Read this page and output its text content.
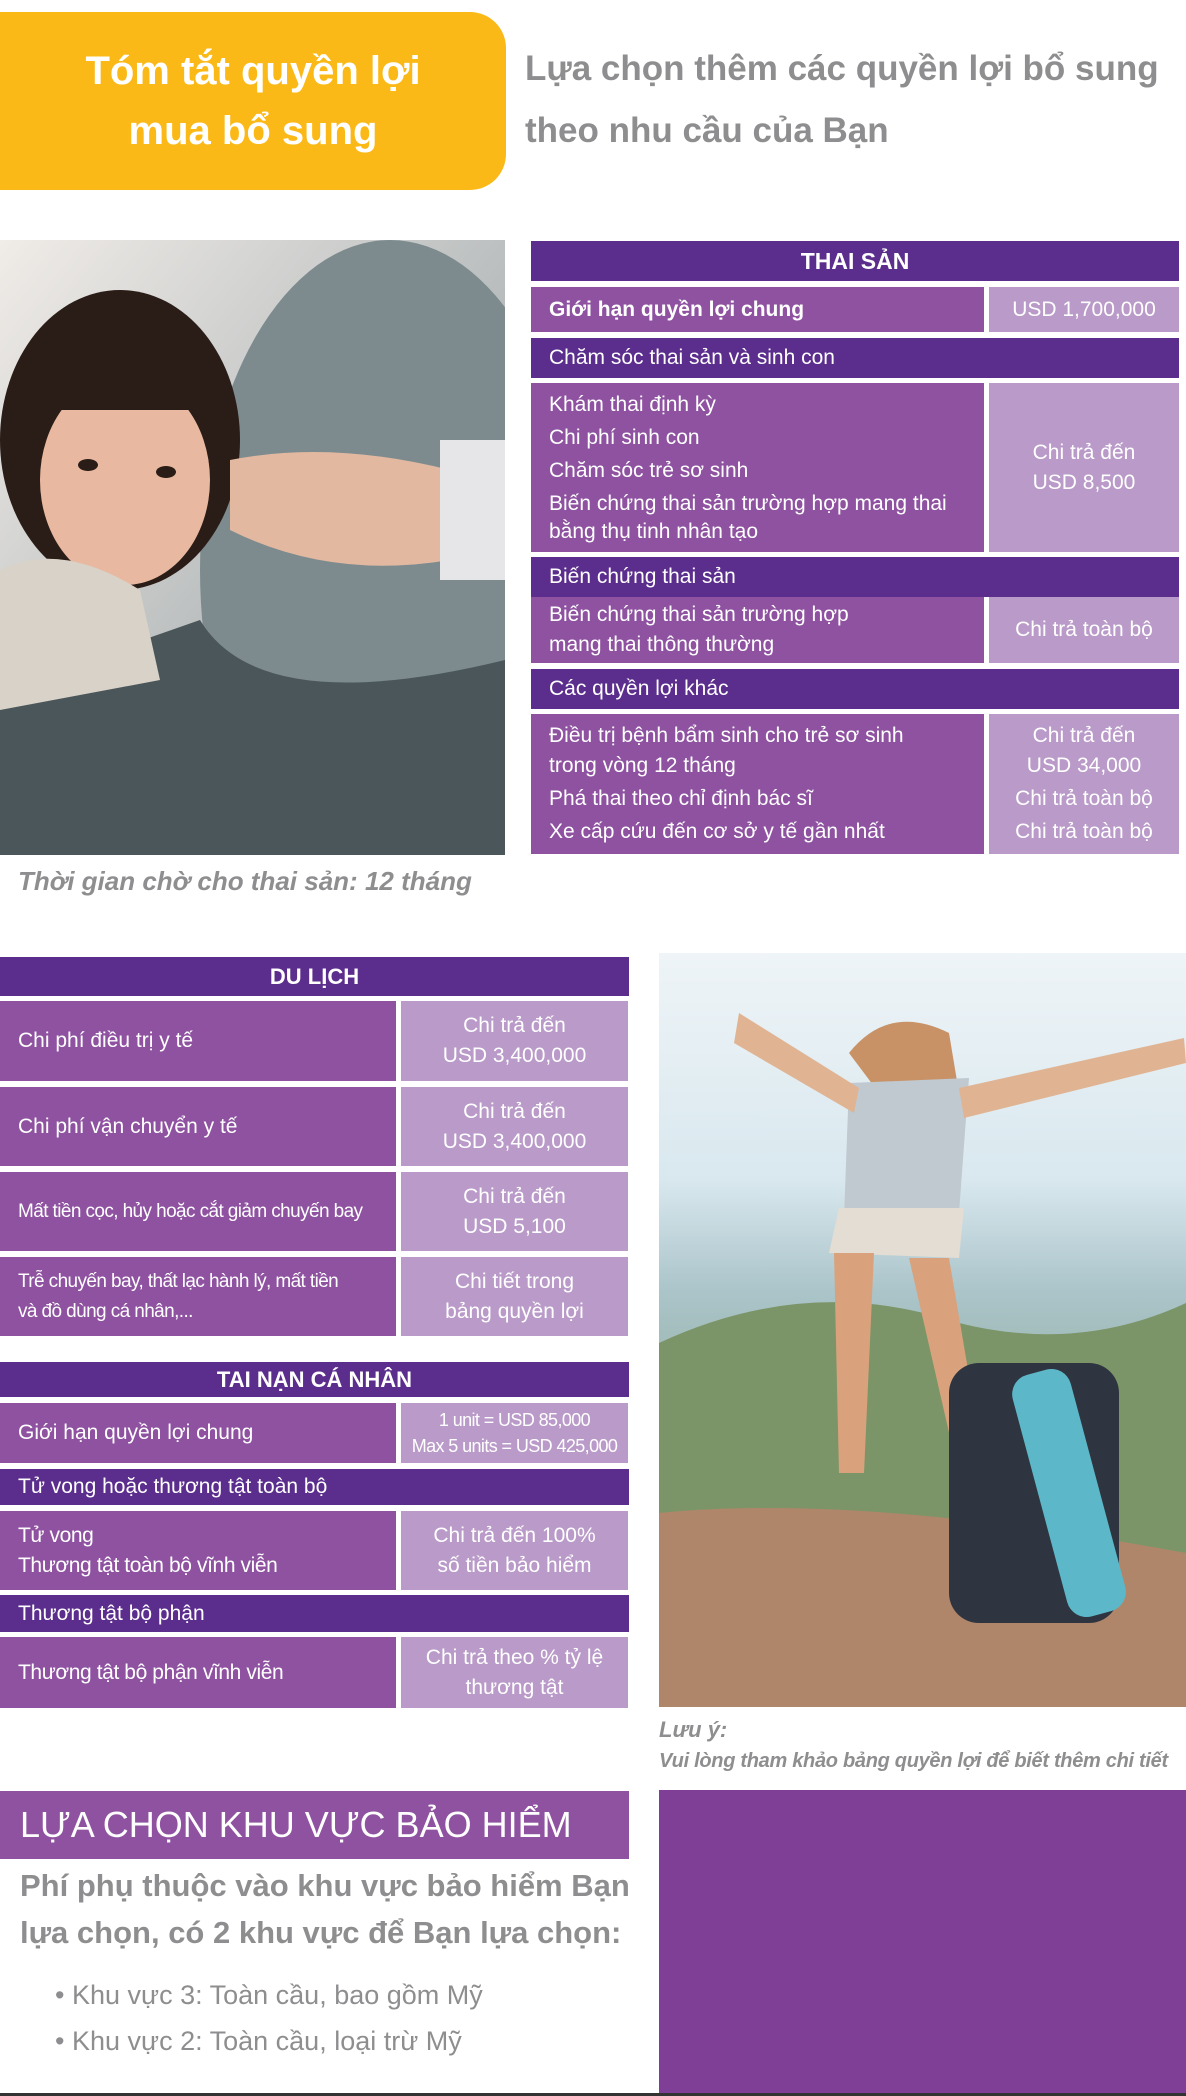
Tóm tắt quyền lợi
mua bổ sung
Lựa chọn thêm các quyền lợi bổ sung
theo nhu cầu của Bạn
THAI SẢN
Giới hạn quyền lợi chung	USD 1,700,000
Chăm sóc thai sản và sinh con
Khám thai định kỳ
Chi phí sinh con
Chăm sóc trẻ sơ sinh
Biến chứng thai sản trường hợp mang thai
bằng thụ tinh nhân tạo
Chi trả đến
USD 8,500
Biến chứng thai sản
Biến chứng thai sản trường hợp
mang thai thông thường
Chi trả toàn bộ
Các quyền lợi khác
Điều trị bệnh bẩm sinh cho trẻ sơ sinh
trong vòng 12 tháng
Phá thai theo chỉ định bác sĩ
Xe cấp cứu đến cơ sở y tế gần nhất
Chi trả đến
USD 34,000
Chi trả toàn bộ
Chi trả toàn bộ
Thời gian chờ cho thai sản: 12 tháng
DU LỊCH
Chi phí điều trị y tế
Chi trả đến
USD 3,400,000
Chi phí vận chuyển y tế
Chi trả đến
USD 3,400,000
Mất tiền cọc, hủy hoặc cắt giảm chuyến bay
Chi trả đến
USD 5,100
Trễ chuyến bay, thất lạc hành lý, mất tiền
và đồ dùng cá nhân,...
Chi tiết trong
bảng quyền lợi
TAI NẠN CÁ NHÂN
Giới hạn quyền lợi chung
1 unit = USD 85,000
Max 5 units = USD 425,000
Tử vong hoặc thương tật toàn bộ
Tử vong
Thương tật toàn bộ vĩnh viễn
Chi trả đến 100%
số tiền bảo hiểm
Thương tật bộ phận
Thương tật bộ phận vĩnh viễn
Chi trả theo % tỷ lệ
thương tật
Lưu ý:
Vui lòng tham khảo bảng quyền lợi để biết thêm chi tiết
LỰA CHỌN KHU VỰC BẢO HIỂM
Phí phụ thuộc vào khu vực bảo hiểm Bạn
lựa chọn, có 2 khu vực để Bạn lựa chọn:
• Khu vực 3: Toàn cầu, bao gồm Mỹ
• Khu vực 2: Toàn cầu, loại trừ Mỹ
